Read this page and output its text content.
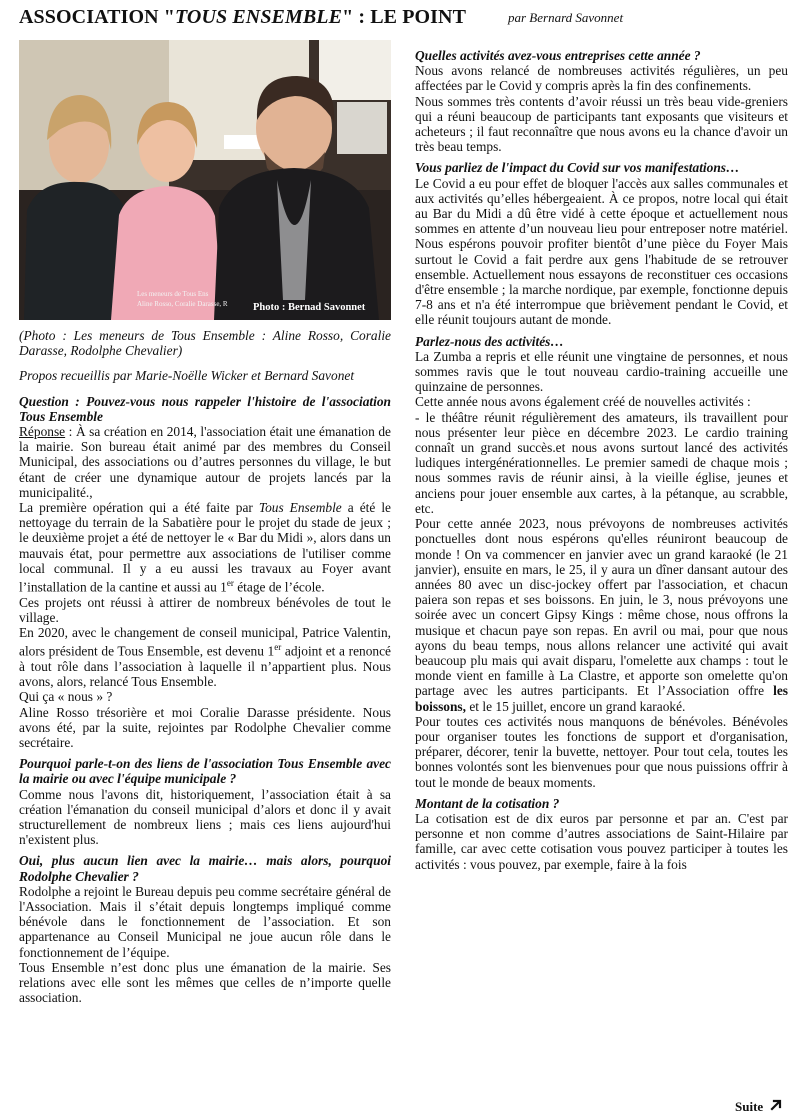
ASSOCIATION "TOUS ENSEMBLE" : LE POINT	par Bernard Savonnet
Les meneurs de Tous Ens
Aline Rosso, Coralie Darasse, R Photo : Bernad Savonnet

(Photo : Les meneurs de Tous Ensemble : Aline Rosso, Coralie Darasse, Rodolphe Chevalier)

Propos recueillis par Marie-Noëlle Wicker et Bernard Savonet

Question : Pouvez-vous nous rappeler l'histoire de l'association Tous Ensemble

Réponse : À sa création en 2014, l'association était une émanation de la mairie. Son bureau était animé par des membres du Conseil Municipal, des associations ou d’autres personnes du village, le but étant de créer une dynamique autour de projets lancés par la municipalité.,

La première opération qui a été faite par Tous Ensemble a été le nettoyage du terrain de la Sabatière pour le projet du stade de jeux ; le deuxième projet a été de nettoyer le « Bar du Midi », alors dans un mauvais état, pour permettre aux associations de l'utiliser comme local communal. Il y a eu aussi les travaux au Foyer avant l’installation de la cantine et aussi au 1er étage de l’école.

Ces projets ont réussi à attirer de nombreux bénévoles de tout le village.

En 2020, avec le changement de conseil municipal, Patrice Valentin, alors président de Tous Ensemble, est devenu 1er adjoint et a renoncé à tout rôle dans l’association à laquelle il n’appartient plus. Nous avons, alors, relancé Tous Ensemble.

Qui ça « nous » ?

Aline Rosso trésorière et moi Coralie Darasse présidente. Nous avons été, par la suite, rejointes par Rodolphe Chevalier comme secrétaire.

Pourquoi parle-t-on des liens de l'association Tous Ensemble avec la mairie ou avec l'équipe municipale ?

Comme nous l'avons dit, historiquement, l’association était à sa création l'émanation du conseil municipal d’alors et donc il y avait structurellement de nombreux liens ; mais ces liens aujourd'hui n'existent plus.

Oui, plus aucun lien avec la mairie… mais alors, pourquoi Rodolphe Chevalier ?

Rodolphe a rejoint le Bureau depuis peu comme secrétaire général de l'Association. Mais il s’était depuis longtemps impliqué comme bénévole dans le fonctionnement de l’association. Et son appartenance au Conseil Municipal ne joue aucun rôle dans le fonctionnement de l’équipe.

Tous Ensemble n’est donc plus une émanation de la mairie. Ses relations avec elle sont les mêmes que celles de n’importe quelle association.

Quelles activités avez-vous entreprises cette année ?

Nous avons relancé de nombreuses activités régulières, un peu affectées par le Covid y compris après la fin des confinements.

Nous sommes très contents d’avoir réussi un très beau vide-greniers qui a réuni beaucoup de participants tant exposants que visiteurs et acheteurs ; il faut reconnaître que nous avons eu la chance d'avoir un très beau temps.

Vous parliez de l'impact du Covid sur vos manifestations…

Le Covid a eu pour effet de bloquer l'accès aux salles communales et aux activités qu’elles hébergeaient. À ce propos, notre local qui était au Bar du Midi a dû être vidé à cette époque et actuellement nous sommes en attente d’un nouveau lieu pour entreposer notre matériel. Nous espérons pouvoir profiter bientôt d’une pièce du Foyer Mais surtout le Covid a fait perdre aux gens l'habitude de se retrouver ensemble. Actuellement nous essayons de reconstituer ces occasions d'être ensemble ; la marche nordique, par exemple, fonctionne depuis 7-8 ans et n'a été interrompue que brièvement pendant le Covid, et elle réunit toujours autant de monde.

Parlez-nous des activités…

La Zumba a repris et elle réunit une vingtaine de personnes, et nous sommes ravis que le tout nouveau cardio-training accueille une quinzaine de personnes.

Cette année nous avons également créé de nouvelles activités :

- le théâtre réunit régulièrement des amateurs, ils travaillent pour nous présenter leur pièce en décembre 2023. Le cardio training connaît un grand succès.et nous avons surtout lancé des activités ludiques intergénérationnelles. Le premier samedi de chaque mois ; nous sommes ravis de réunir ainsi, à la vieille église, jeunes et anciens pour jouer ensemble aux cartes, à la pétanque, au scrabble, etc.

Pour cette année 2023, nous prévoyons de nombreuses activités ponctuelles dont nous espérons qu'elles réuniront beaucoup de monde ! On va commencer en janvier avec un grand karaoké (le 21 janvier), ensuite en mars, le 25, il y aura un dîner dansant autour des années 80 avec un disc-jockey offert par l'association, et chacun paiera son repas et ses boissons. En juin, le 3, nous prévoyons une soirée avec un concert Gipsy Kings : même chose, nous offrons la musique et chacun paye son repas. En avril ou mai, pour que nous ayons du beau temps, nous allons relancer une activité qui avait beaucoup plu mais qui avait disparu, l'omelette aux champs : tout le monde vient en famille à La Clastre, et apporte son omelette qu'on partage avec les autres participants. Et l’Association offre les boissons, et le 15 juillet, encore un grand karaoké.

Pour toutes ces activités nous manquons de bénévoles. Bénévoles pour organiser toutes les fonctions de support et d'organisation, préparer, décorer, tenir la buvette, nettoyer. Pour tout cela, toutes les bonnes volontés sont les bienvenues pour que nous puissions offrir à tout le monde de beaux moments.

Montant de la cotisation ?

La cotisation est de dix euros par personne et par an. C'est par personne et non comme d’autres associations de Saint-Hilaire par famille, car avec cette cotisation vous pouvez participer à toutes les activités : vous pouvez, par exemple, faire à la fois

Suite
